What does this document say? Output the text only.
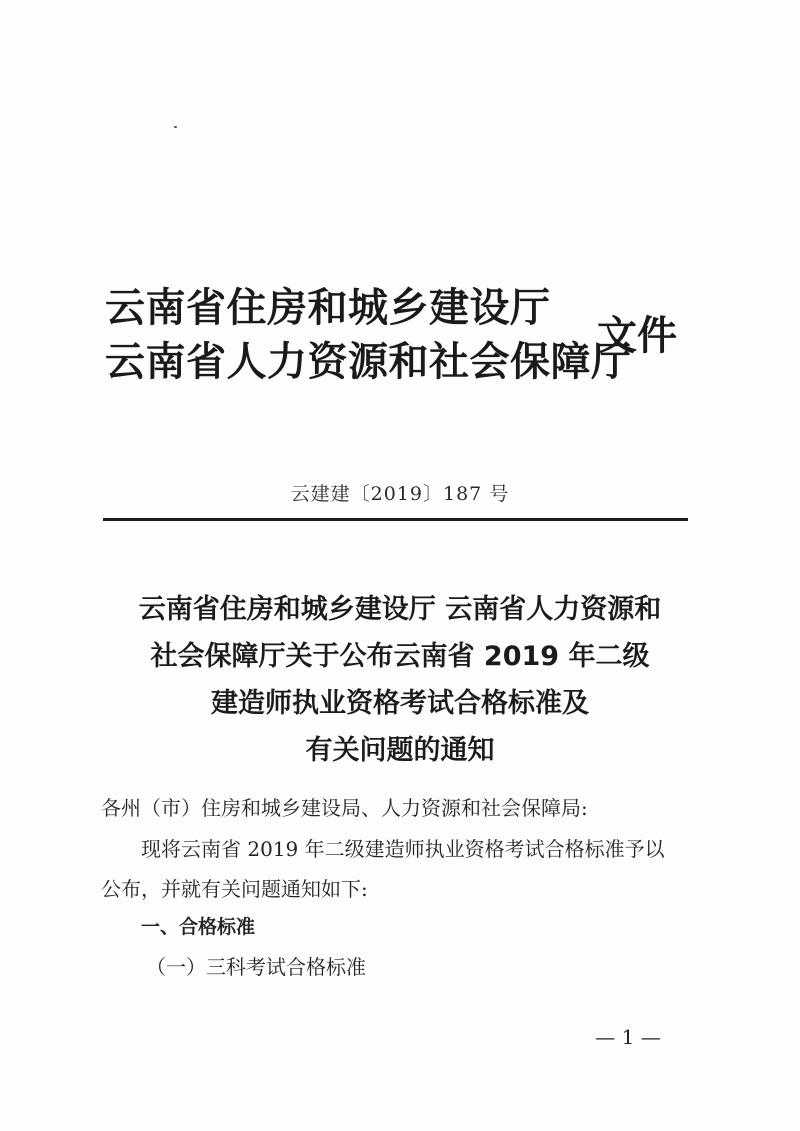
云南省住房和城乡建设厅
云南省人力资源和社会保障厅
文件
云建建〔2019〕187 号
云南省住房和城乡建设厅 云南省人力资源和
社会保障厅关于公布云南省 2019 年二级
建造师执业资格考试合格标准及
有关问题的通知
各州（市）住房和城乡建设局、人力资源和社会保障局:
现将云南省 2019 年二级建造师执业资格考试合格标准予以
公布，并就有关问题通知如下:
一、合格标准
（一）三科考试合格标准
— 1 —
